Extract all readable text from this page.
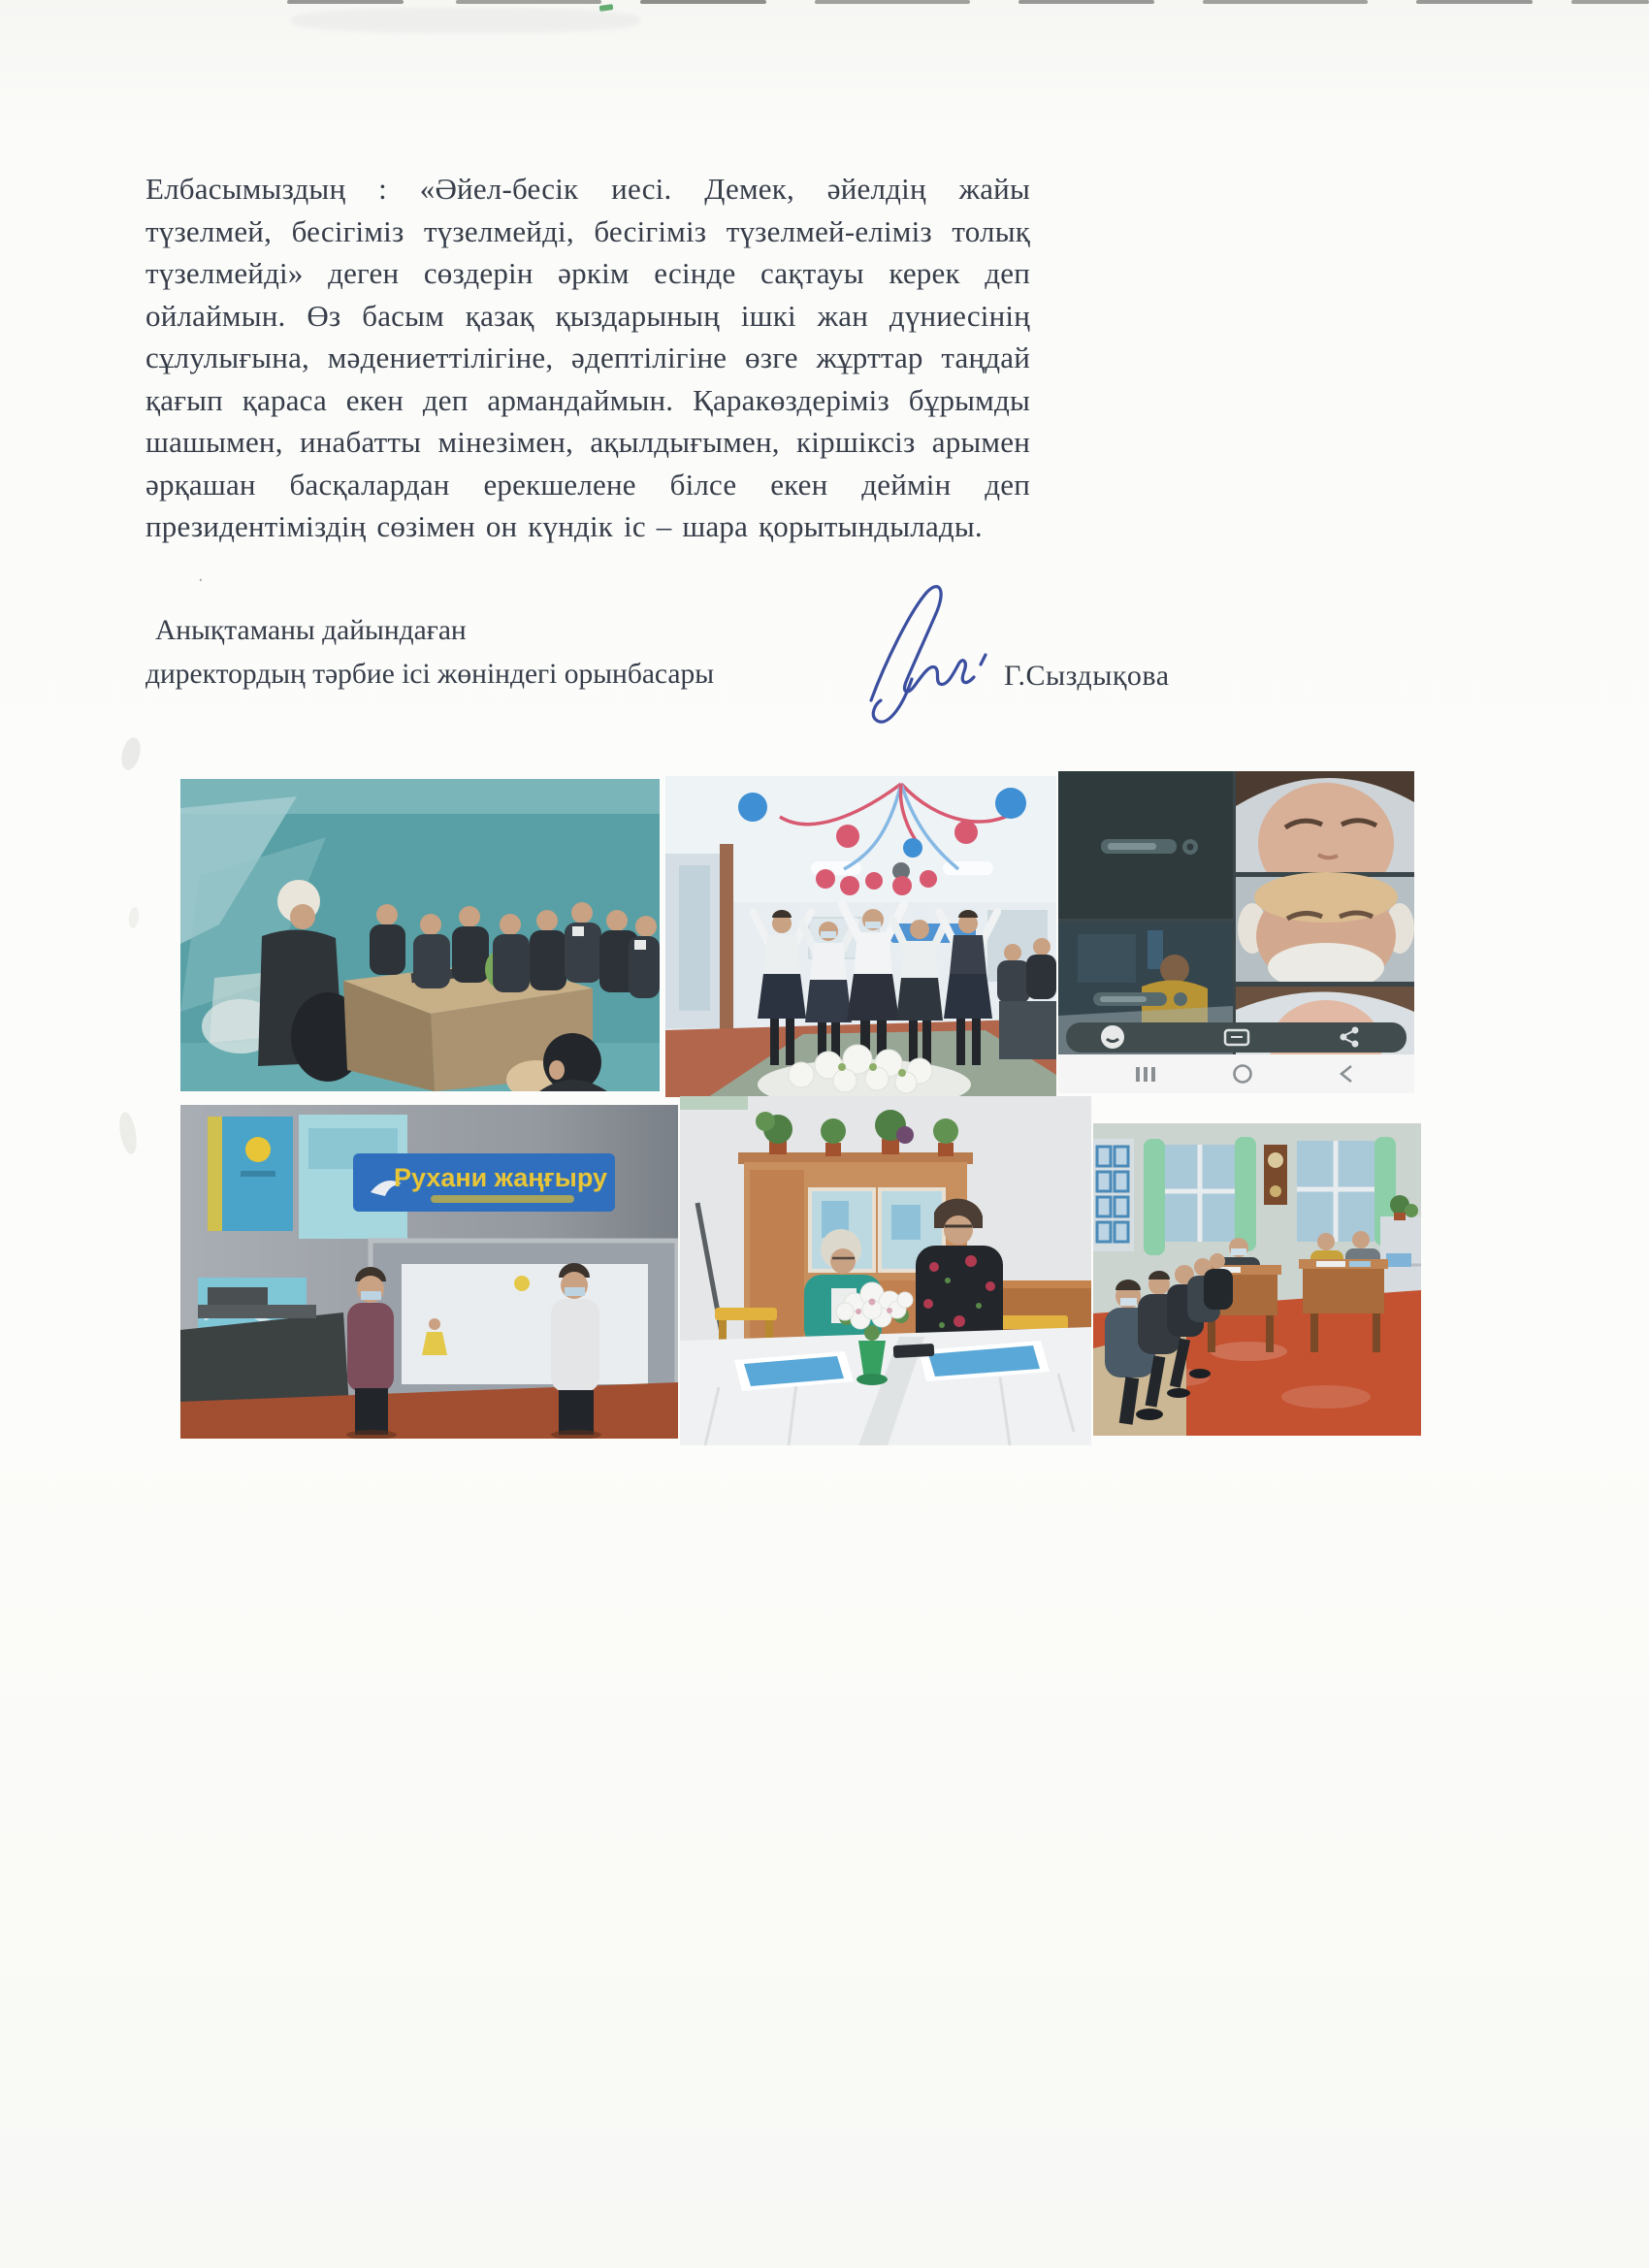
·

Елбасымыздың : «Әйел-бесік иесі. Демек, әйелдің жайы түзелмей, бесігіміз түзелмейді, бесігіміз түзелмей-еліміз толық түзелмейді» деген сөздерін әркім есінде сақтауы керек деп ойлаймын. Өз басым қазақ қыздарының ішкі жан дүниесінің сұлулығына, мәдениеттілігіне, әдептілігіне өзге жұрттар таңдай қағып қараса екен деп армандаймын. Қаракөздеріміз бұрымды шашымен, инабатты мінезімен, ақылдығымен, кіршіксіз арымен әрқашан басқалардан ерекшелене білсе екен деймін деп президентіміздің сөзімен он күндік іс – шара қорытындылады.

Анықтаманы дайындаған
директордың тәрбие ісі жөніндегі орынбасары	Г.Сыздықова
Рухани жаңғыру
